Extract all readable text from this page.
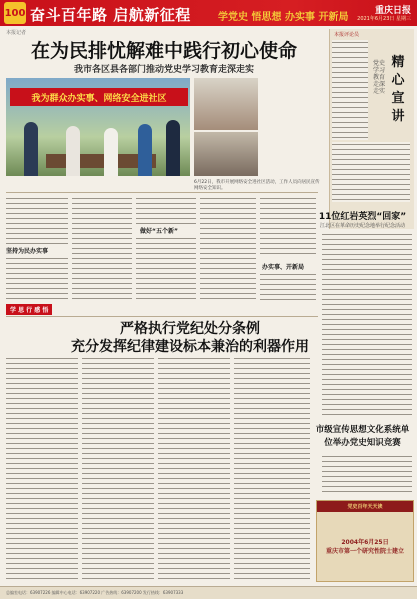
100 奋斗百年路 启航新征程	学党史 悟思想 办实事 开新局
重庆日报
2021年6月23日 星期三
本报记者
在为民排忧解难中践行初心使命
我市各区县各部门推动党史学习教育走深走实
我为群众办实事、网络安全进社区
6月22日，我市开展网络安全进社区活动，工作人员向居民宣传网络安全知识。
本报评论员
精心宣讲
党史学习教育走深走实
坚持为民办实事
做好“五个新”
办实事、开新局
11位红岩英烈“回家”
江北区在革命历史纪念地举行纪念活动
学 思 行 感 悟
严格执行党纪处分条例
充分发挥纪律建设标本兼治的利器作用
市级宣传思想文化系统单位举办党史知识竞赛
党史百年天天读
2004年6月25日
重庆市第一个研究性院士建立
总编室电话：63907226 编辑中心电话：63907220 广告热线：63907200 发行热线：63907333
